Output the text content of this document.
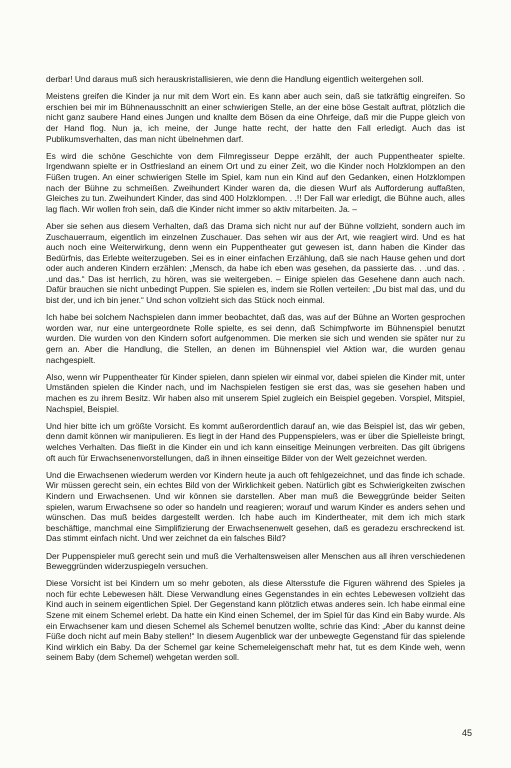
derbar! Und daraus muß sich herauskristallisieren, wie denn die Handlung eigentlich weitergehen soll.

Meistens greifen die Kinder ja nur mit dem Wort ein. Es kann aber auch sein, daß sie tatkräftig eingreifen. So erschien bei mir im Bühnenausschnitt an einer schwierigen Stelle, an der eine böse Gestalt auftrat, plötzlich die nicht ganz saubere Hand eines Jungen und knallte dem Bösen da eine Ohrfeige, daß mir die Puppe gleich von der Hand flog. Nun ja, ich meine, der Junge hatte recht, der hatte den Fall erledigt. Auch das ist Publikumsverhalten, das man nicht übelnehmen darf.

Es wird die schöne Geschichte von dem Filmregisseur Deppe erzählt, der auch Puppentheater spielte. Irgendwann spielte er in Ostfriesland an einem Ort und zu einer Zeit, wo die Kinder noch Holzklompen an den Füßen trugen. An einer schwierigen Stelle im Spiel, kam nun ein Kind auf den Gedanken, einen Holzklompen nach der Bühne zu schmeißen. Zweihundert Kinder waren da, die diesen Wurf als Aufforderung auffaßten, Gleiches zu tun. Zweihundert Kinder, das sind 400 Holzklompen. . .!! Der Fall war erledigt, die Bühne auch, alles lag flach. Wir wollen froh sein, daß die Kinder nicht immer so aktiv mitarbeiten. Ja. –

Aber sie sehen aus diesem Verhalten, daß das Drama sich nicht nur auf der Bühne vollzieht, sondern auch im Zuschauerraum, eigentlich im einzelnen Zuschauer. Das sehen wir aus der Art, wie reagiert wird. Und es hat auch noch eine Weiterwirkung, denn wenn ein Puppentheater gut gewesen ist, dann haben die Kinder das Bedürfnis, das Erlebte weiterzugeben. Sei es in einer einfachen Erzählung, daß sie nach Hause gehen und dort oder auch anderen Kindern erzählen: „Mensch, da habe ich eben was gesehen, da passierte das. . .und das. . .und das.“ Das ist herrlich, zu hören, was sie weitergeben. – Einige spielen das Gesehene dann auch nach. Dafür brauchen sie nicht unbedingt Puppen. Sie spielen es, indem sie Rollen verteilen: „Du bist mal das, und du bist der, und ich bin jener.“ Und schon vollzieht sich das Stück noch einmal.

Ich habe bei solchem Nachspielen dann immer beobachtet, daß das, was auf der Bühne an Worten gesprochen worden war, nur eine untergeordnete Rolle spielte, es sei denn, daß Schimpfworte im Bühnenspiel benutzt wurden. Die wurden von den Kindern sofort aufgenommen. Die merken sie sich und wenden sie später nur zu gern an. Aber die Handlung, die Stellen, an denen im Bühnenspiel viel Aktion war, die wurden genau nachgespielt.

Also, wenn wir Puppentheater für Kinder spielen, dann spielen wir einmal vor, dabei spielen die Kinder mit, unter Umständen spielen die Kinder nach, und im Nachspielen festigen sie erst das, was sie gesehen haben und machen es zu ihrem Besitz. Wir haben also mit unserem Spiel zugleich ein Beispiel gegeben. Vorspiel, Mitspiel, Nachspiel, Beispiel.

Und hier bitte ich um größte Vorsicht. Es kommt außerordentlich darauf an, wie das Beispiel ist, das wir geben, denn damit können wir manipulieren. Es liegt in der Hand des Puppenspielers, was er über die Spielleiste bringt, welches Verhalten. Das fließt in die Kinder ein und ich kann einseitige Meinungen verbreiten. Das gilt übrigens oft auch für Erwachsenenvorstellungen, daß in ihnen einseitige Bilder von der Welt gezeichnet werden.

Und die Erwachsenen wiederum werden vor Kindern heute ja auch oft fehlgezeichnet, und das finde ich schade. Wir müssen gerecht sein, ein echtes Bild von der Wirklichkeit geben. Natürlich gibt es Schwierigkeiten zwischen Kindern und Erwachsenen. Und wir können sie darstellen. Aber man muß die Beweggründe beider Seiten spielen, warum Erwachsene so oder so handeln und reagieren; worauf und warum Kinder es anders sehen und wünschen. Das muß beides dargestellt werden. Ich habe auch im Kindertheater, mit dem ich mich stark beschäftige, manchmal eine Simplifizierung der Erwachsenenwelt gesehen, daß es geradezu erschreckend ist. Das stimmt einfach nicht. Und wer zeichnet da ein falsches Bild?

Der Puppenspieler muß gerecht sein und muß die Verhaltensweisen aller Menschen aus all ihren verschiedenen Beweggründen widerzuspiegeln versuchen.

Diese Vorsicht ist bei Kindern um so mehr geboten, als diese Altersstufe die Figuren während des Spieles ja noch für echte Lebewesen hält. Diese Verwandlung eines Gegenstandes in ein echtes Lebewesen vollzieht das Kind auch in seinem eigentlichen Spiel. Der Gegenstand kann plötzlich etwas anderes sein. Ich habe einmal eine Szene mit einem Schemel erlebt. Da hatte ein Kind einen Schemel, der im Spiel für das Kind ein Baby wurde. Als ein Erwachsener kam und diesen Schemel als Schemel benutzen wollte, schrie das Kind: „Aber du kannst deine Füße doch nicht auf mein Baby stellen!“ In diesem Augenblick war der unbewegte Gegenstand für das spielende Kind wirklich ein Baby. Da der Schemel gar keine Schemeleigenschaft mehr hat, tut es dem Kinde weh, wenn seinem Baby (dem Schemel) wehgetan werden soll.

45
